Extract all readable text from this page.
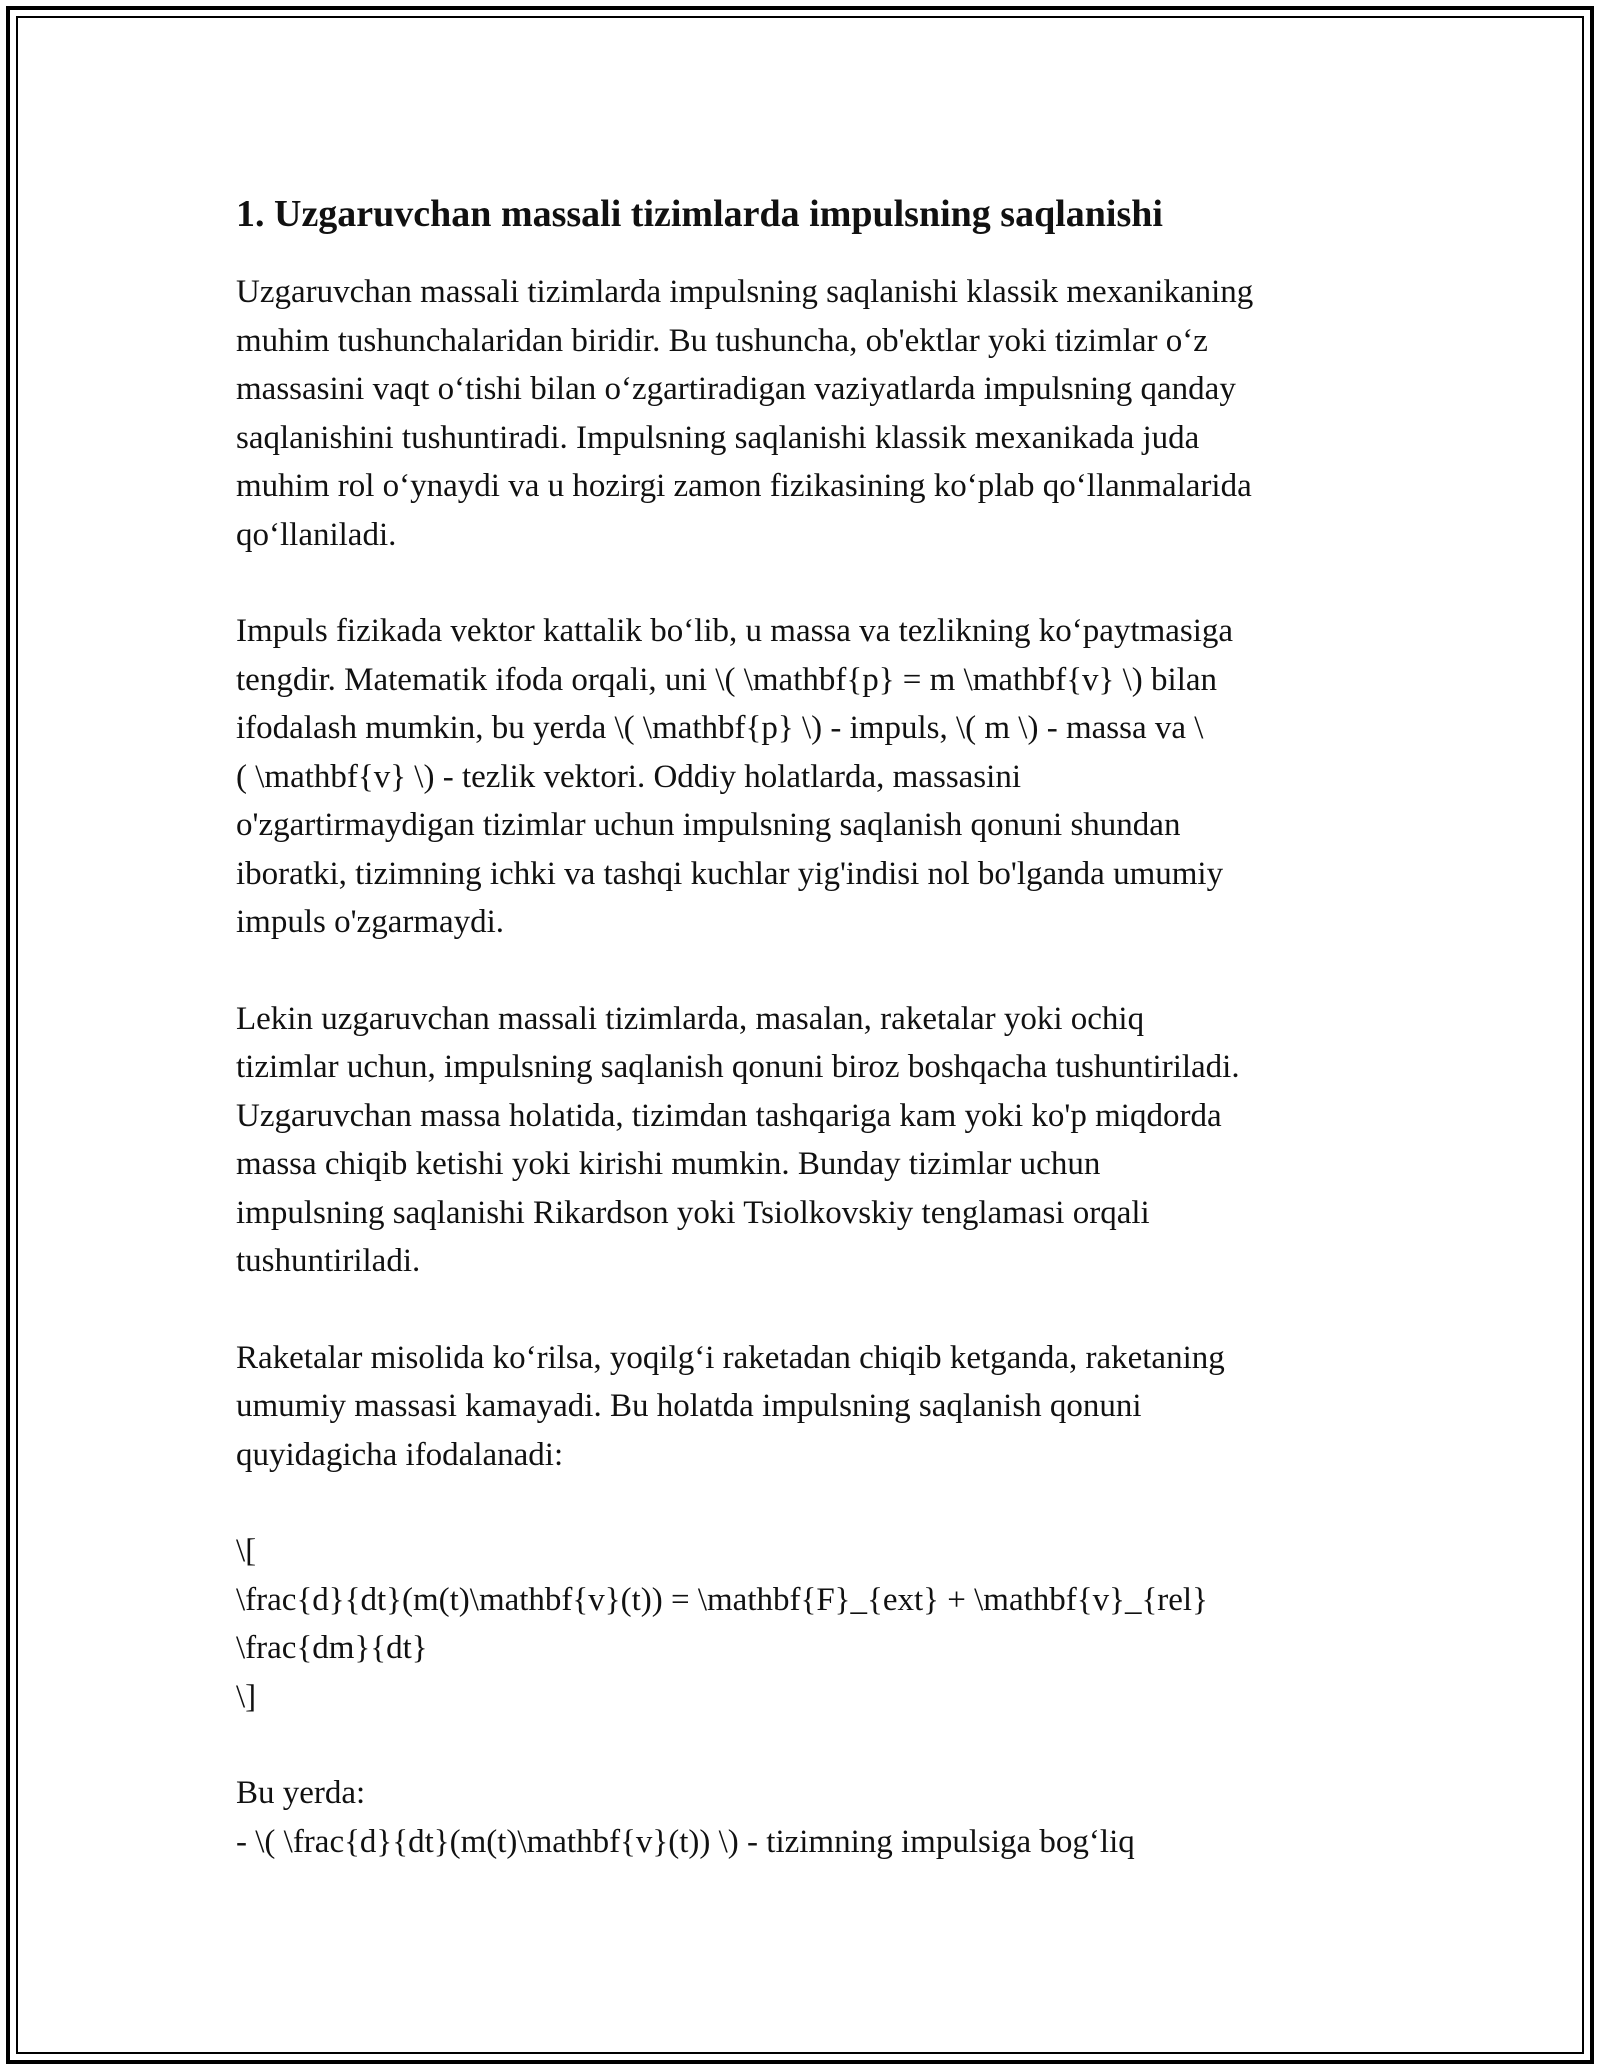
1. Uzgaruvchan massali tizimlarda impulsning saqlanishi

Uzgaruvchan massali tizimlarda impulsning saqlanishi klassik mexanikaning
muhim tushunchalaridan biridir. Bu tushuncha, ob'ektlar yoki tizimlar o‘z
massasini vaqt o‘tishi bilan o‘zgartiradigan vaziyatlarda impulsning qanday
saqlanishini tushuntiradi. Impulsning saqlanishi klassik mexanikada juda
muhim rol o‘ynaydi va u hozirgi zamon fizikasining ko‘plab qo‘llanmalarida
qo‘llaniladi.

Impuls fizikada vektor kattalik bo‘lib, u massa va tezlikning ko‘paytmasiga
tengdir. Matematik ifoda orqali, uni \( \mathbf{p} = m \mathbf{v} \) bilan
ifodalash mumkin, bu yerda \( \mathbf{p} \) - impuls, \( m \) - massa va \
( \mathbf{v} \) - tezlik vektori. Oddiy holatlarda, massasini
o'zgartirmaydigan tizimlar uchun impulsning saqlanish qonuni shundan
iboratki, tizimning ichki va tashqi kuchlar yig'indisi nol bo'lganda umumiy
impuls o'zgarmaydi.

Lekin uzgaruvchan massali tizimlarda, masalan, raketalar yoki ochiq
tizimlar uchun, impulsning saqlanish qonuni biroz boshqacha tushuntiriladi.
Uzgaruvchan massa holatida, tizimdan tashqariga kam yoki ko'p miqdorda
massa chiqib ketishi yoki kirishi mumkin. Bunday tizimlar uchun
impulsning saqlanishi Rikardson yoki Tsiolkovskiy tenglamasi orqali
tushuntiriladi.

Raketalar misolida ko‘rilsa, yoqilg‘i raketadan chiqib ketganda, raketaning
umumiy massasi kamayadi. Bu holatda impulsning saqlanish qonuni
quyidagicha ifodalanadi:

\[
\frac{d}{dt}(m(t)\mathbf{v}(t)) = \mathbf{F}_{ext} + \mathbf{v}_{rel}
\frac{dm}{dt}
\]

Bu yerda:
- \( \frac{d}{dt}(m(t)\mathbf{v}(t)) \) - tizimning impulsiga bog‘liq
